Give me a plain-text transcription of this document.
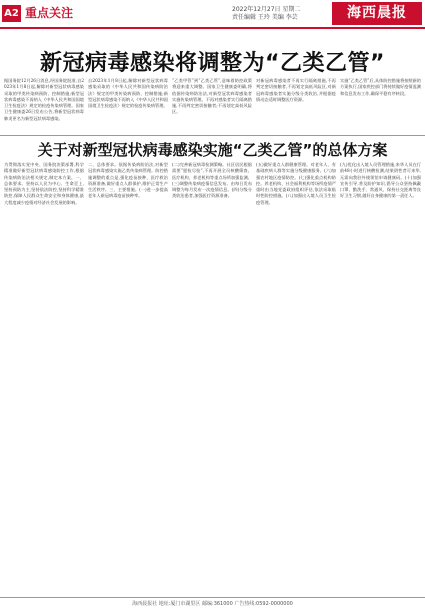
A2 重点关注	2022年12月27日 星期二
责任编辑 王玲 美编 李芸	海西晨报
新冠病毒感染将调整为“乙类乙管”
据国务院12月26日消息,经国务院批准,自2023年1月8日起,解除对新型冠状病毒感染采取的甲类传染病预防、控制措施;新型冠状病毒感染不再纳入《中华人民共和国国境卫生检疫法》规定的检疫传染病管理。国家卫生健康委26日发布公告,将新型冠状病毒肺炎更名为新型冠状病毒感染。
自2023年1月8日起,解除对新型冠状病毒感染采取的《中华人民共和国传染病防治法》规定的甲类传染病预防、控制措施;新型冠状病毒感染不再纳入《中华人民共和国国境卫生检疫法》规定的检疫传染病管理。
“乙类甲管”到“乙类乙管”,意味着防控政策将迎来重大调整。国家卫生健康委明确,将依据传染病防治法,对新型冠状病毒感染者实施传染病管理。不再对感染者实行隔离措施,不再判定密切接触者;不再划定高低风险区。
对新冠病毒感染者不再实行隔离措施,不再判定密切接触者,不再划定高低风险区,对新冠病毒感染者实施分级分类收治,并根据疫情动态适时调整医疗资源。
实施“乙类乙管”后,具体防控措施将按照新的方案执行,国家疾控部门将持续做好疫情监测和信息发布工作,确保平稳有序转段。
关于对新型冠状病毒感染实施“乙类乙管”的总体方案
为贯彻落实党中央、国务院决策部署,科学精准做好新型冠状病毒感染防控工作,根据传染病防治法相关规定,制定本方案。一、总体要求。坚持以人民为中心、生命至上,坚持预防为主,坚持依法防控,坚持科学精准防控,保障人民群众生命安全和身体健康,最大程度减少疫情对经济社会发展的影响。
二、总体要求。依据传染病防治法,对新型冠状病毒感染实施乙类传染病管理。防控措施调整的重点是,强化疫苗接种、医疗救治资源准备,做好重点人群保护,维护正常生产生活秩序。三、主要措施。(一)进一步提高老年人新冠病毒疫苗接种率。
(二)完善新冠病毒检测策略。社区居民根据需要“愿检尽检”,不再开展全员核酸筛查。医疗机构、养老机构等重点场所加强监测。(三)调整传染病疫情信息发布。由每日发布调整为每月发布一次疫情信息。(四)分级分类收治患者,加强医疗资源准备。
(五)做好重点人群健康管理。对老年人、有基础疾病人群等实施分级健康服务。(六)加强农村地区疫情防控。(七)强化重点机构防控。养老机构、社会福利机构等场所疫情严重时由当地党委政府组织评估,依法采取临时性防控措施。(八)加强出入境人员卫生检疫管理。
(九)优化出入境人员管理措施,来华人员在行前48小时进行核酸检测,结果阴性者可来华,无需向我驻外使领馆申请健康码。(十)加强宣传引导,普及防护知识,倡导公众坚持佩戴口罩、勤洗手、常通风、保持社交距离等良好卫生习惯,做好自身健康的第一责任人。
海西晨报社 地址:厦门市湖里区 邮编:361000 广告热线:0592-0000000
